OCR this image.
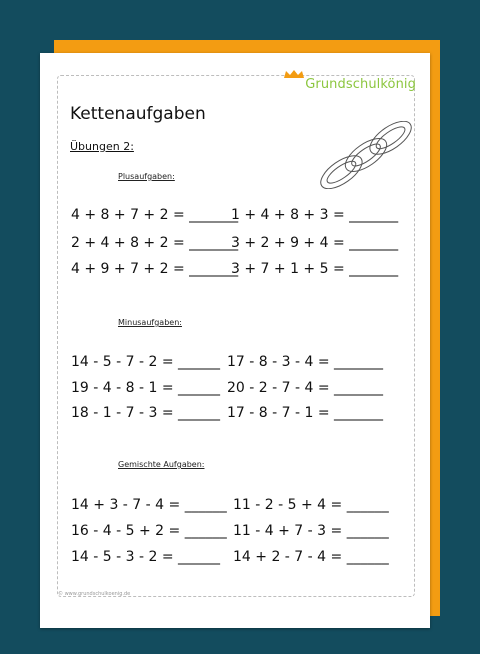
Grundschulkönig
Kettenaufgaben
Übungen 2:
Plusaufgaben:
4 + 8 + 7 + 2 = _______
1 + 4 + 8 + 3 = _______
2 + 4 + 8 + 2 = _______
3 + 2 + 9 + 4 = _______
4 + 9 + 7 + 2 = _______
3 + 7 + 1 + 5 = _______
Minusaufgaben:
14 - 5 - 7 - 2 = ______ 17 - 8 - 3 - 4 = _______
19 - 4 - 8 - 1 = ______ 20 - 2 - 7 - 4 = _______
18 - 1 - 7 - 3 = ______ 17 - 8 - 7 - 1 = _______
Gemischte Aufgaben:
14 + 3 - 7 - 4 = ______ 11 - 2 - 5 + 4 = ______
16 - 4 - 5 + 2 = ______ 11 - 4 + 7 - 3 = ______
14 - 5 - 3 - 2 = ______ 14 + 2 - 7 - 4 = ______
© www.grundschulkoenig.de
